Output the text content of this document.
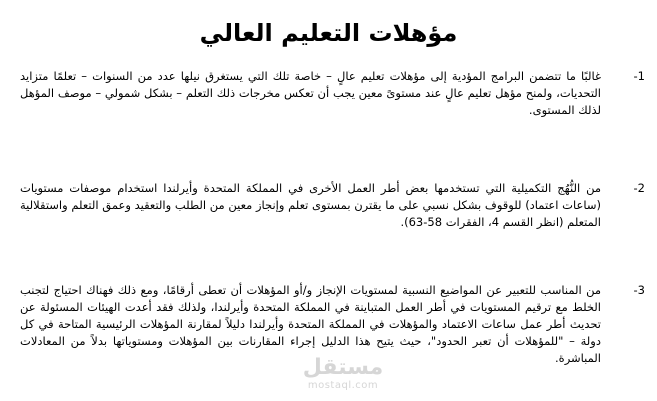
مؤهلات التعليم العالي
-1
غالبًا ما تتضمن البرامج المؤدية إلى مؤهلات تعليم عالٍ – خاصة تلك التي يستغرق نيلها عدد من السنوات – تعلمًا متزايد التحديات، ولمنح مؤهل تعليم عالٍ عند مستوىً معين يجب أن تعكس مخرجات ذلك التعلم – بشكل شمولي – موصف المؤهل لذلك المستوى.
-2
من النُّهُج التكميلية التي تستخدمها بعض أطر العمل الأخرى في المملكة المتحدة وأيرلندا استخدام موصفات مستويات (ساعات اعتماد) للوقوف بشكل نسبي على ما يقترن بمستوى تعلم وإنجاز معين من الطلب والتعقيد وعمق التعلم واستقلالية المتعلم (انظر القسم 4، الفقرات 58-63).
-3
من المناسب للتعبير عن المواضيع النسبية لمستويات الإنجاز و/أو المؤهلات أن تعطى أرقامًا، ومع ذلك فهناك احتياج لتجنب الخلط مع ترقيم المستويات في أطر العمل المتباينة في المملكة المتحدة وأيرلندا، ولذلك فقد أعدت الهيئات المسئولة عن تحديث أطر عمل ساعات الاعتماد والمؤهلات في المملكة المتحدة وأيرلندا دليلاً لمقارنة المؤهلات الرئيسية المتاحة في كل دولة – "للمؤهلات أن تعبر الحدود"، حيث يتيح هذا الدليل إجراء المقارنات بين المؤهلات ومستوياتها بدلاً من المعادلات المباشرة.
مستقل
mostaql.com
